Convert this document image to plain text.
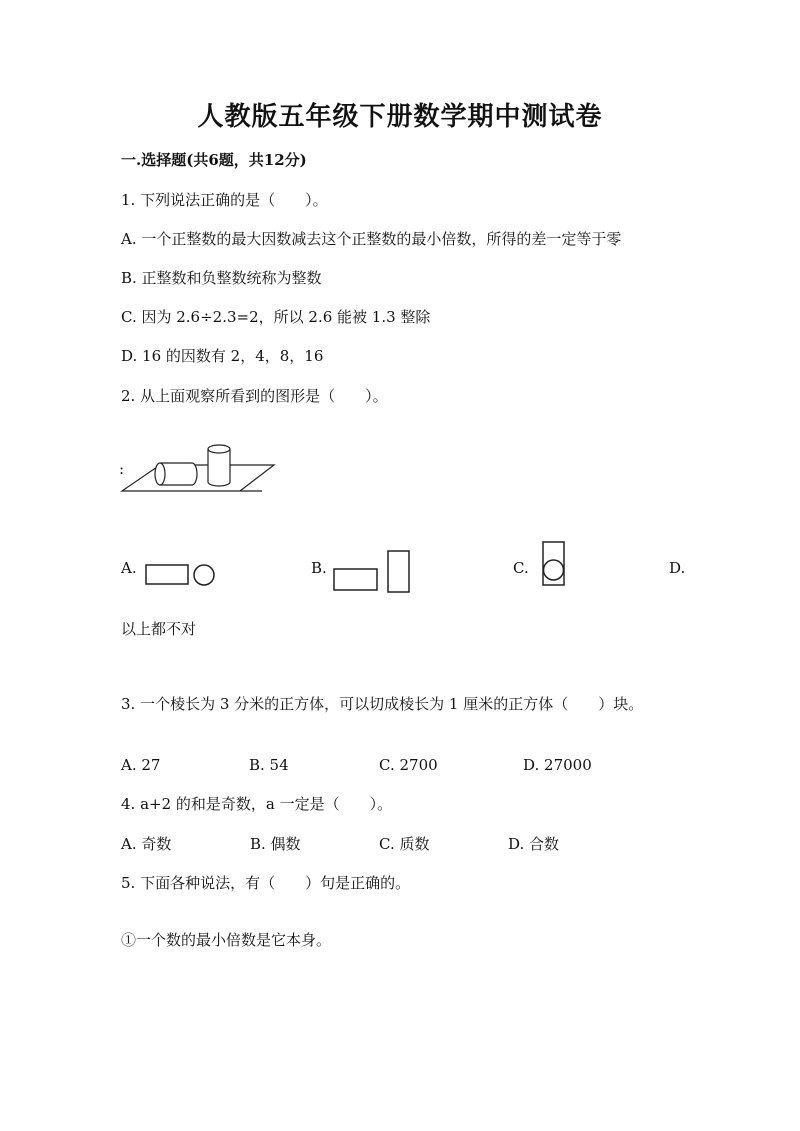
人教版五年级下册数学期中测试卷
一.选择题(共6题，共12分)
1. 下列说法正确的是（　　）。
A. 一个正整数的最大因数减去这个正整数的最小倍数，所得的差一定等于零
B. 正整数和负整数统称为整数
C. 因为 2.6÷2.3=2，所以 2.6 能被 1.3 整除
D. 16 的因数有 2，4，8，16
2. 从上面观察所看到的图形是（　　）。
:
A.	B.	C.	D.
以上都不对
3. 一个棱长为 3 分米的正方体，可以切成棱长为 1 厘米的正方体（　　）块。
A. 27	B. 54	C. 2700	D. 27000
4. a+2 的和是奇数，a 一定是（　　）。
A. 奇数	B. 偶数	C. 质数	D. 合数
5. 下面各种说法，有（　　）句是正确的。
①一个数的最小倍数是它本身。
